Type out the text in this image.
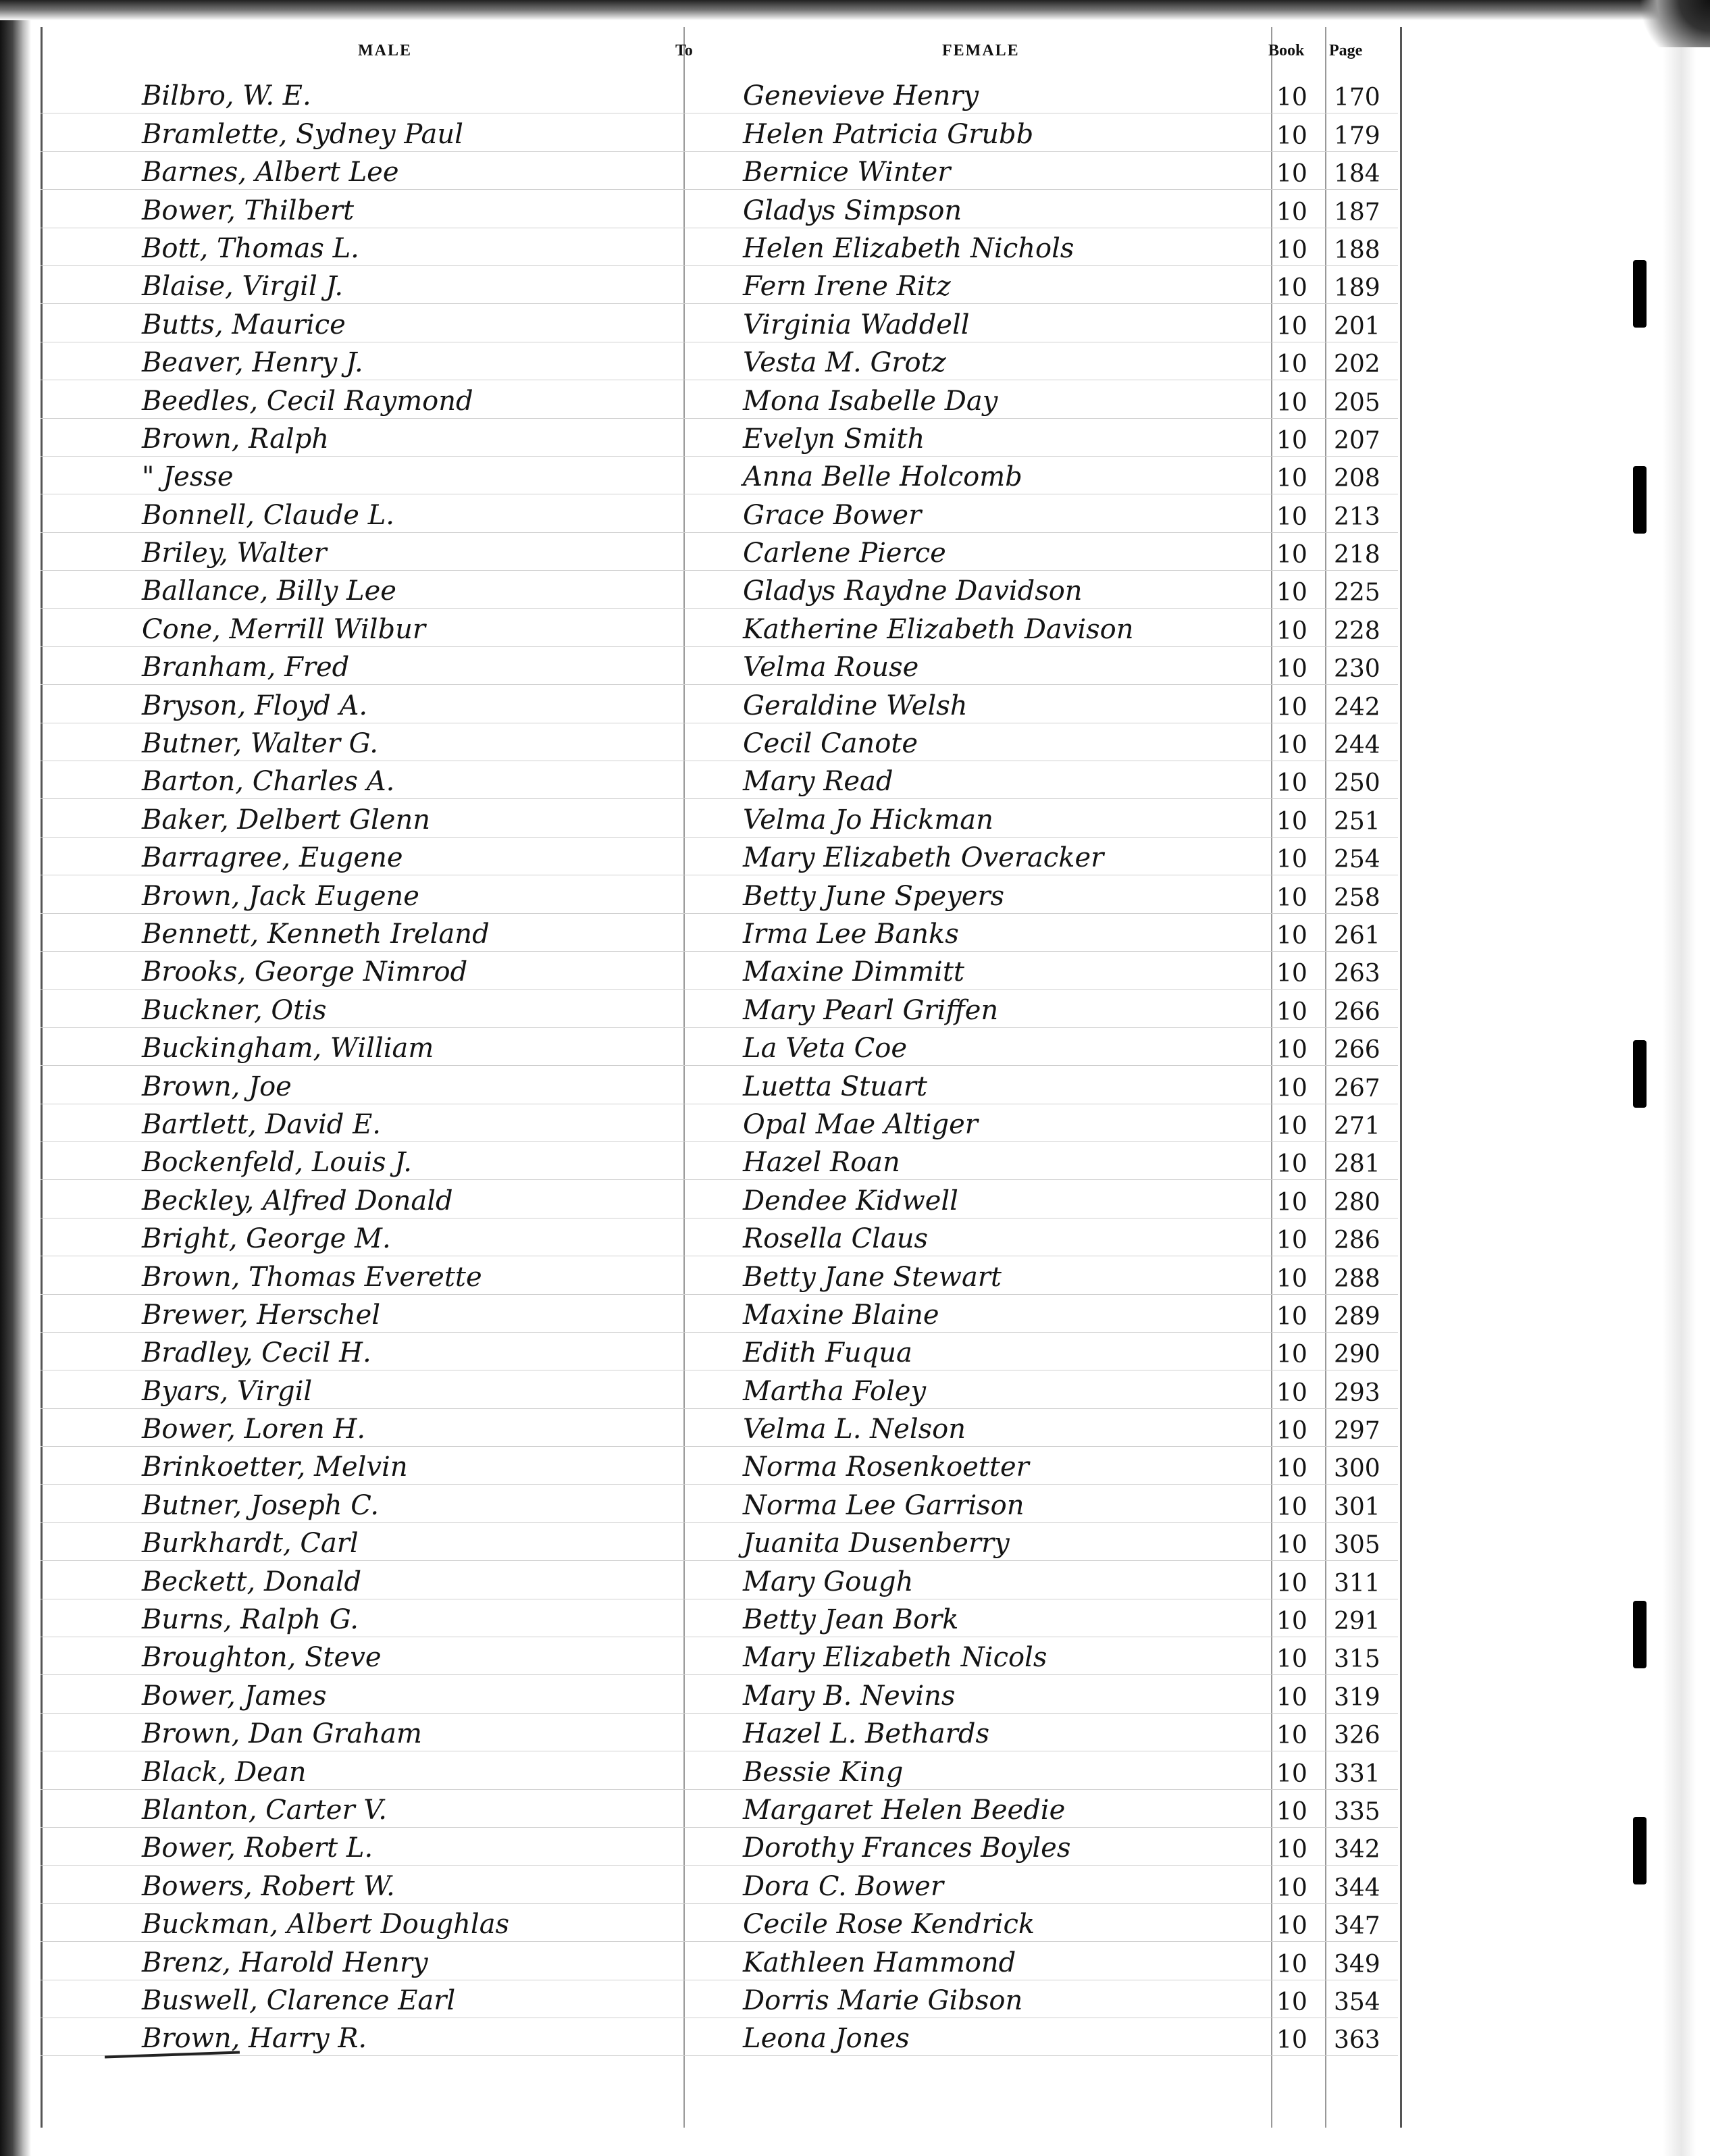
MALE	To	FEMALE	Book Page
Bilbro, W. E.	Genevieve Henry	10 170
Bramlette, Sydney Paul	Helen Patricia Grubb	10 179
Barnes, Albert Lee	Bernice Winter	10 184
Bower, Thilbert	Gladys Simpson	10 187
Bott, Thomas L.	Helen Elizabeth Nichols	10 188
Blaise, Virgil J.	Fern Irene Ritz	10 189
Butts, Maurice	Virginia Waddell	10 201
Beaver, Henry J.	Vesta M. Grotz	10 202
Beedles, Cecil Raymond	Mona Isabelle Day	10 205
Brown, Ralph	Evelyn Smith	10 207
" Jesse	Anna Belle Holcomb	10 208
Bonnell, Claude L.	Grace Bower	10 213
Briley, Walter	Carlene Pierce	10 218
Ballance, Billy Lee	Gladys Raydne Davidson	10 225
Cone, Merrill Wilbur	Katherine Elizabeth Davison	10 228
Branham, Fred	Velma Rouse	10 230
Bryson, Floyd A.	Geraldine Welsh	10 242
Butner, Walter G.	Cecil Canote	10 244
Barton, Charles A.	Mary Read	10 250
Baker, Delbert Glenn	Velma Jo Hickman	10 251
Barragree, Eugene	Mary Elizabeth Overacker	10 254
Brown, Jack Eugene	Betty June Speyers	10 258
Bennett, Kenneth Ireland	Irma Lee Banks	10 261
Brooks, George Nimrod	Maxine Dimmitt	10 263
Buckner, Otis	Mary Pearl Griffen	10 266
Buckingham, William	La Veta Coe	10 266
Brown, Joe	Luetta Stuart	10 267
Bartlett, David E.	Opal Mae Altiger	10 271
Bockenfeld, Louis J.	Hazel Roan	10 281
Beckley, Alfred Donald	Dendee Kidwell	10 280
Bright, George M.	Rosella Claus	10 286
Brown, Thomas Everette	Betty Jane Stewart	10 288
Brewer, Herschel	Maxine Blaine	10 289
Bradley, Cecil H.	Edith Fuqua	10 290
Byars, Virgil	Martha Foley	10 293
Bower, Loren H.	Velma L. Nelson	10 297
Brinkoetter, Melvin	Norma Rosenkoetter	10 300
Butner, Joseph C.	Norma Lee Garrison	10 301
Burkhardt, Carl	Juanita Dusenberry	10 305
Beckett, Donald	Mary Gough	10 311
Burns, Ralph G.	Betty Jean Bork	10 291
Broughton, Steve	Mary Elizabeth Nicols	10 315
Bower, James	Mary B. Nevins	10 319
Brown, Dan Graham	Hazel L. Bethards	10 326
Black, Dean	Bessie King	10 331
Blanton, Carter V.	Margaret Helen Beedie	10 335
Bower, Robert L.	Dorothy Frances Boyles	10 342
Bowers, Robert W.	Dora C. Bower	10 344
Buckman, Albert Doughlas	Cecile Rose Kendrick	10 347
Brenz, Harold Henry	Kathleen Hammond	10 349
Buswell, Clarence Earl	Dorris Marie Gibson	10 354
Brown, Harry R.	Leona Jones	10 363
